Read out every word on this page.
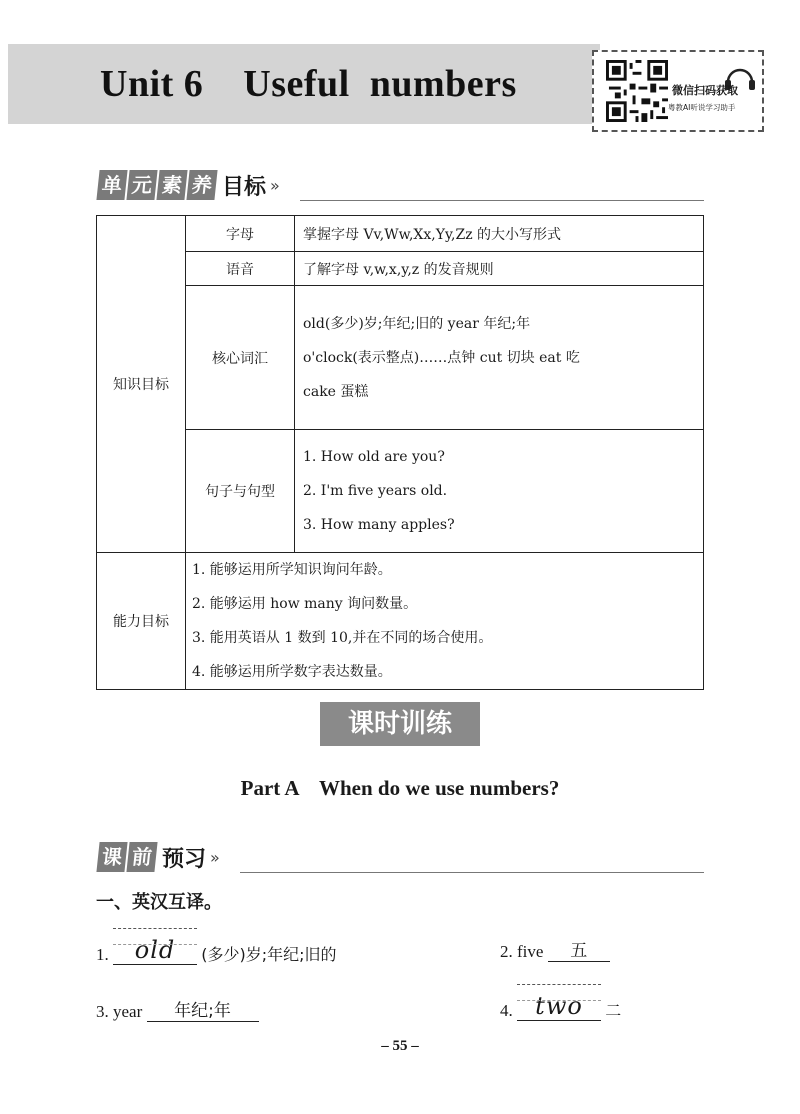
Unit 6    Useful  numbers	微信扫码获取
粤教AI听说学习助手
单 元 素 养 目标 »
知识目标	字母	掌握字母 Vv,Ww,Xx,Yy,Zz 的大小写形式
	语音	了解字母 v,w,x,y,z 的发音规则
	核心词汇	old(多少)岁;年纪;旧的 year 年纪;年
o'clock(表示整点)……点钟 cut 切块 eat 吃
cake 蛋糕

	句子与句型	1. How old are you?
2. I'm five years old.
3. How many apples?

能力目标	1. 能够运用所学知识询问年龄。
2. 能够运用 how many 询问数量。
3. 能用英语从 1 数到 10,并在不同的场合使用。
4. 能够运用所学数字表达数量。	
课时训练
Part A    When do we use numbers?
课 前 预习 »
一、英汉互译。
1. old (多少)岁;年纪;旧的	2. five 五
3. year 年纪;年	4. two 二
– 55 –
